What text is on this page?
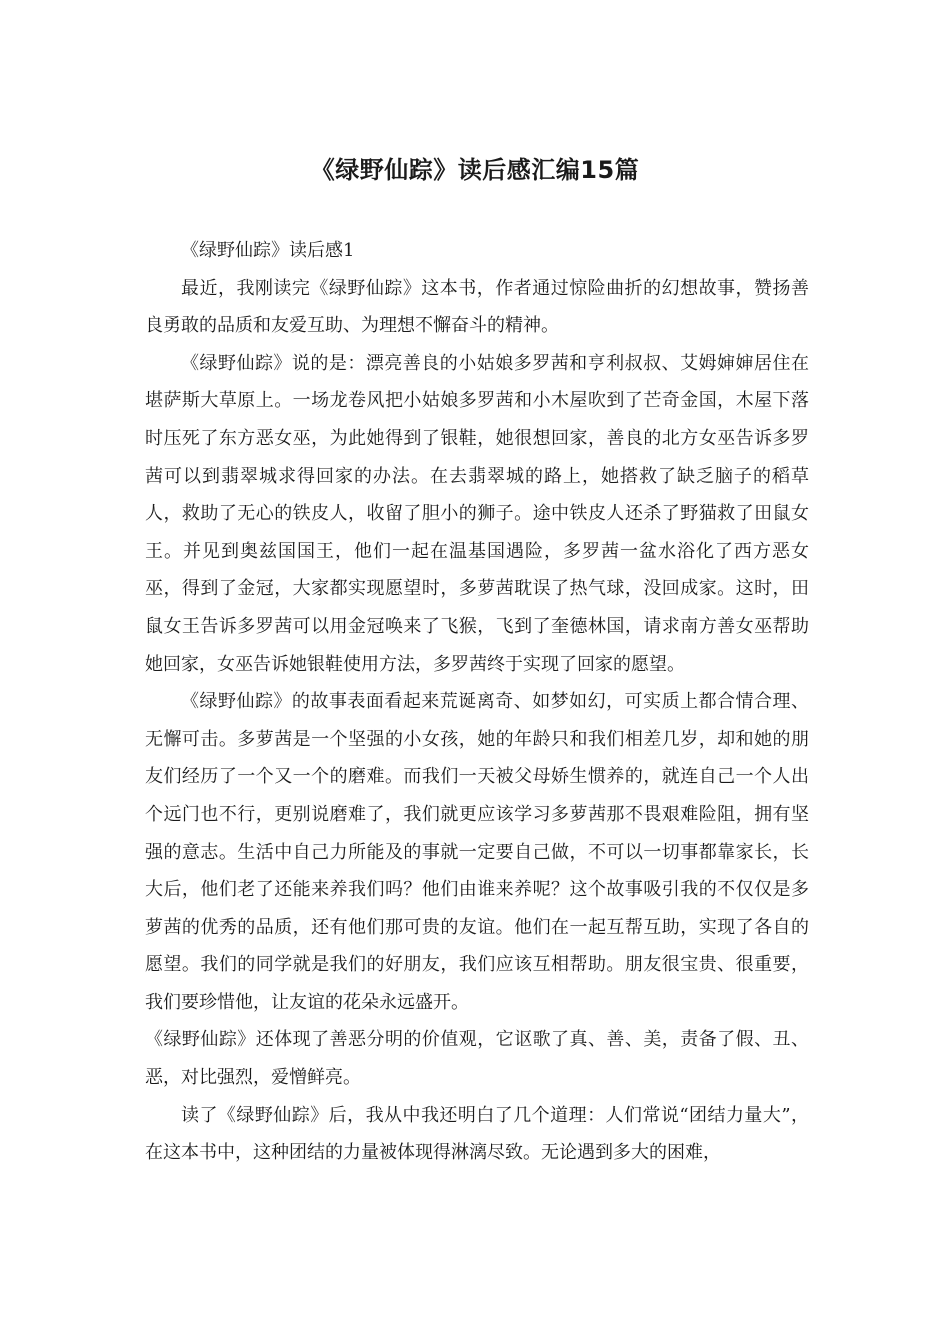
《绿野仙踪》读后感汇编15篇

《绿野仙踪》读后感1

最近，我刚读完《绿野仙踪》这本书，作者通过惊险曲折的幻想故事，赞扬善良勇敢的品质和友爱互助、为理想不懈奋斗的精神。

《绿野仙踪》说的是：漂亮善良的小姑娘多罗茜和亨利叔叔、艾姆婶婶居住在堪萨斯大草原上。一场龙卷风把小姑娘多罗茜和小木屋吹到了芒奇金国，木屋下落时压死了东方恶女巫，为此她得到了银鞋，她很想回家，善良的北方女巫告诉多罗茜可以到翡翠城求得回家的办法。在去翡翠城的路上，她搭救了缺乏脑子的稻草人，救助了无心的铁皮人，收留了胆小的狮子。途中铁皮人还杀了野猫救了田鼠女王。并见到奥兹国国王，他们一起在温基国遇险，多罗茜一盆水浴化了西方恶女巫，得到了金冠，大家都实现愿望时，多萝茜耽误了热气球，没回成家。这时，田鼠女王告诉多罗茜可以用金冠唤来了飞猴，飞到了奎德林国，请求南方善女巫帮助她回家，女巫告诉她银鞋使用方法，多罗茜终于实现了回家的愿望。

《绿野仙踪》的故事表面看起来荒诞离奇、如梦如幻，可实质上都合情合理、无懈可击。多萝茜是一个坚强的小女孩，她的年龄只和我们相差几岁，却和她的朋友们经历了一个又一个的磨难。而我们一天被父母娇生惯养的，就连自己一个人出个远门也不行，更别说磨难了，我们就更应该学习多萝茜那不畏艰难险阻，拥有坚强的意志。生活中自己力所能及的事就一定要自己做，不可以一切事都靠家长，长大后，他们老了还能来养我们吗？他们由谁来养呢？这个故事吸引我的不仅仅是多萝茜的优秀的品质，还有他们那可贵的友谊。他们在一起互帮互助，实现了各自的愿望。我们的同学就是我们的好朋友，我们应该互相帮助。朋友很宝贵、很重要，我们要珍惜他，让友谊的花朵永远盛开。

《绿野仙踪》还体现了善恶分明的价值观，它讴歌了真、善、美，责备了假、丑、恶，对比强烈，爱憎鲜亮。

读了《绿野仙踪》后，我从中我还明白了几个道理：人们常说“团结力量大”，在这本书中，这种团结的力量被体现得淋漓尽致。无论遇到多大的困难，
